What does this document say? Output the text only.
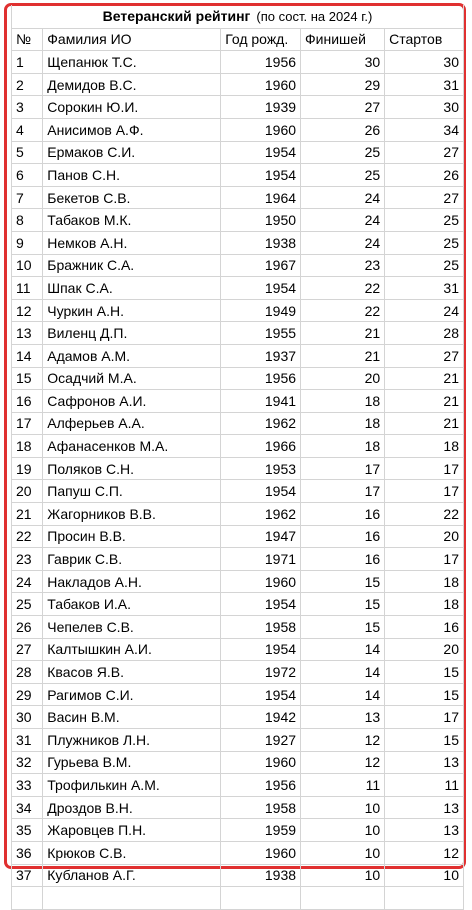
Ветеранский рейтинг (по сост. на 2024 г.)				
№	Фамилия ИО	Год рожд.	Финишей	Стартов
1	Щепанюк Т.С.	1956	30	30
2	Демидов В.С.	1960	29	31
3	Сорокин Ю.И.	1939	27	30
4	Анисимов А.Ф.	1960	26	34
5	Ермаков С.И.	1954	25	27
6	Панов С.Н.	1954	25	26
7	Бекетов С.В.	1964	24	27
8	Табаков М.К.	1950	24	25
9	Немков А.Н.	1938	24	25
10	Бражник С.А.	1967	23	25
11	Шпак С.А.	1954	22	31
12	Чуркин А.Н.	1949	22	24
13	Виленц Д.П.	1955	21	28
14	Адамов А.М.	1937	21	27
15	Осадчий М.А.	1956	20	21
16	Сафронов А.И.	1941	18	21
17	Алферьев А.А.	1962	18	21
18	Афанасенков М.А.	1966	18	18
19	Поляков С.Н.	1953	17	17
20	Папуш С.П.	1954	17	17
21	Жагорников В.В.	1962	16	22
22	Просин В.В.	1947	16	20
23	Гаврик С.В.	1971	16	17
24	Накладов А.Н.	1960	15	18
25	Табаков И.А.	1954	15	18
26	Чепелев С.В.	1958	15	16
27	Калтышкин А.И.	1954	14	20
28	Квасов Я.В.	1972	14	15
29	Рагимов С.И.	1954	14	15
30	Васин В.М.	1942	13	17
31	Плужников Л.Н.	1927	12	15
32	Гурьева В.М.	1960	12	13
33	Трофилькин А.М.	1956	11	11
34	Дроздов В.Н.	1958	10	13
35	Жаровцев П.Н.	1959	10	13
36	Крюков С.В.	1960	10	12
37	Кубланов А.Г.	1938	10	10
